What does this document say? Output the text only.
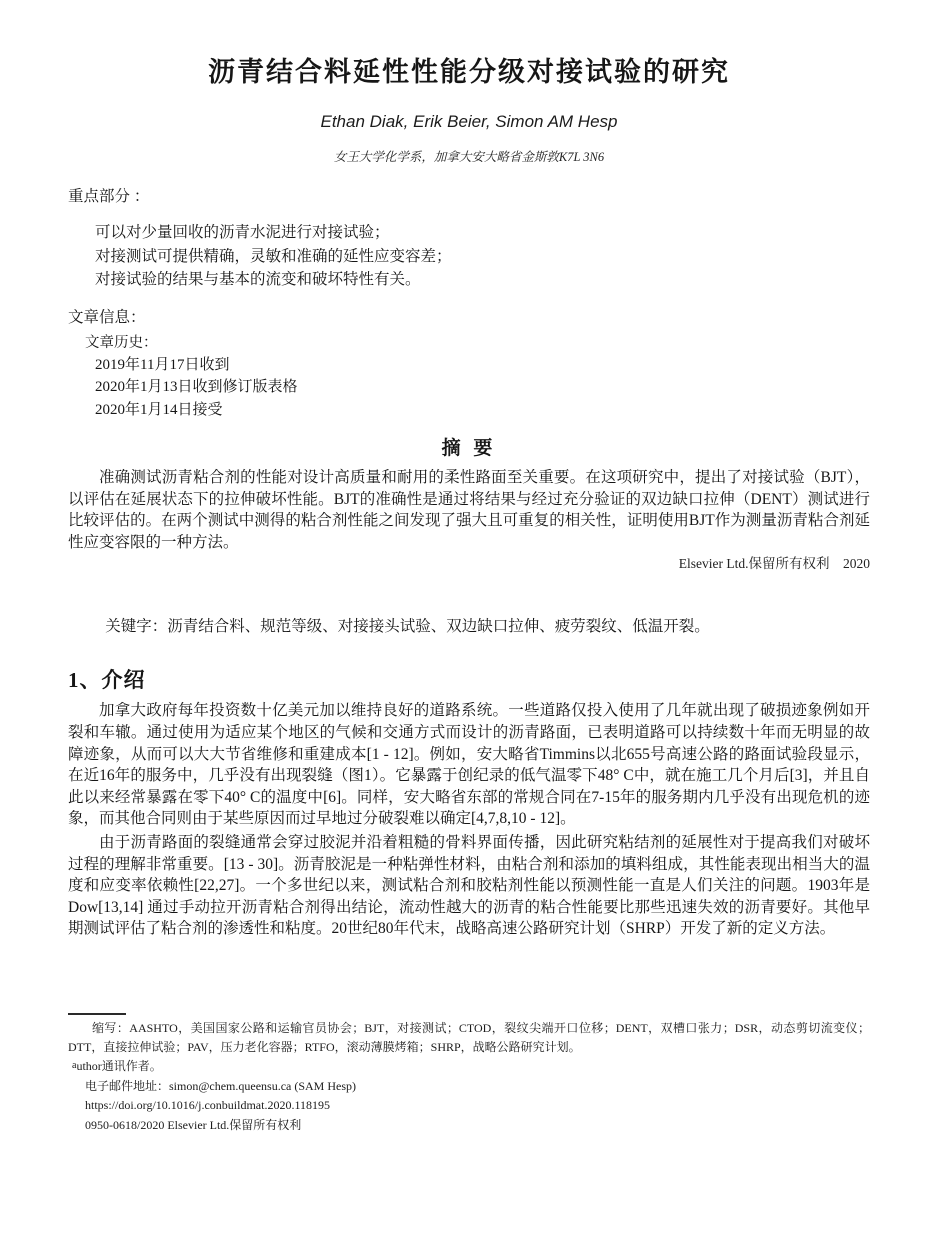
沥青结合料延性性能分级对接试验的研究
Ethan Diak, Erik Beier, Simon AM Hesp
女王大学化学系，加拿大安大略省金斯敦K7L 3N6
重点部分 ：
可以对少量回收的沥青水泥进行对接试验；
对接测试可提供精确，灵敏和准确的延性应变容差；
对接试验的结果与基本的流变和破坏特性有关。
文章信息：
文章历史：
2019年11月17日收到
2020年1月13日收到修订版表格
2020年1月14日接受
摘 要

准确测试沥青粘合剂的性能对设计高质量和耐用的柔性路面至关重要。在这项研究中，提出了对接试验（BJT），以评估在延展状态下的拉伸破坏性能。BJT的准确性是通过将结果与经过充分验证的双边缺口拉伸（DENT）测试进行比较评估的。在两个测试中测得的粘合剂性能之间发现了强大且可重复的相关性，证明使用BJT作为测量沥青粘合剂延性应变容限的一种方法。

Elsevier Ltd.保留所有权利　2020

关键字：沥青结合料、规范等级、对接接头试验、双边缺口拉伸、疲劳裂纹、低温开裂。

1、介绍

加拿大政府每年投资数十亿美元加以维持良好的道路系统。一些道路仅投入使用了几年就出现了破损迹象例如开裂和车辙。通过使用为适应某个地区的气候和交通方式而设计的沥青路面，已表明道路可以持续数十年而无明显的故障迹象，从而可以大大节省维修和重建成本[1 - 12]。例如，安大略省Timmins以北655号高速公路的路面试验段显示，在近16年的服务中，几乎没有出现裂缝（图1）。它暴露于创纪录的低气温零下48° C中，就在施工几个月后[3]，并且自此以来经常暴露在零下40° C的温度中[6]。同样，安大略省东部的常规合同在7-15年的服务期内几乎没有出现危机的迹象，而其他合同则由于某些原因而过早地过分破裂难以确定[4,7,8,10 - 12]。

由于沥青路面的裂缝通常会穿过胶泥并沿着粗糙的骨料界面传播，因此研究粘结剂的延展性对于提高我们对破坏过程的理解非常重要。[13 - 30]。沥青胶泥是一种粘弹性材料，由粘合剂和添加的填料组成，其性能表现出相当大的温度和应变率依赖性[22,27]。一个多世纪以来，测试粘合剂和胶粘剂性能以预测性能一直是人们关注的问题。1903年是Dow[13,14] 通过手动拉开沥青粘合剂得出结论，流动性越大的沥青的粘合性能要比那些迅速失效的沥青要好。其他早期测试评估了粘合剂的渗透性和粘度。20世纪80年代末，战略高速公路研究计划（SHRP）开发了新的定义方法。

缩写：AASHTO，美国国家公路和运输官员协会；BJT，对接测试；CTOD，裂纹尖端开口位移；DENT，双槽口张力；DSR，动态剪切流变仪；DTT，直接拉伸试验；PAV，压力老化容器；RTFO，滚动薄膜烤箱；SHRP，战略公路研究计划。

$^a$uthor通讯作者。
电子邮件地址：simon@chem.queensu.ca (SAM Hesp)
https://doi.org/10.1016/j.conbuildmat.2020.118195
0950-0618/2020 Elsevier Ltd.保留所有权利
